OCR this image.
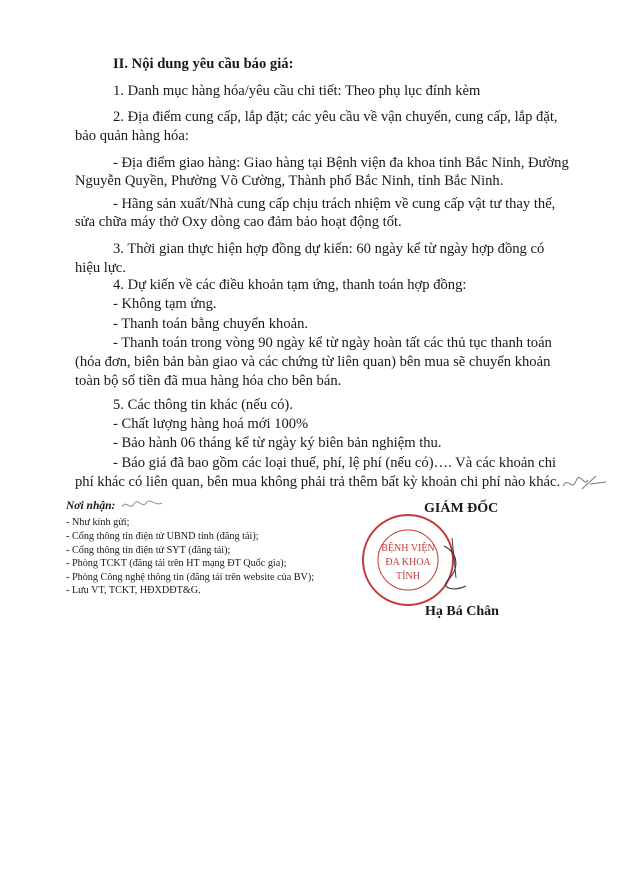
II. Nội dung yêu cầu báo giá:
1. Danh mục hàng hóa/yêu cầu chi tiết: Theo phụ lục đính kèm
2. Địa điểm cung cấp, lắp đặt; các yêu cầu về vận chuyển, cung cấp, lắp đặt,
bảo quản hàng hóa:
- Địa điểm giao hàng: Giao hàng tại Bệnh viện đa khoa tỉnh Bắc Ninh, Đường
Nguyễn Quyền, Phường Võ Cường, Thành phố Bắc Ninh, tỉnh Bắc Ninh.
- Hãng sản xuất/Nhà cung cấp chịu trách nhiệm về cung cấp vật tư thay thế,
sửa chữa máy thở Oxy dòng cao đảm bảo hoạt động tốt.
3. Thời gian thực hiện hợp đồng dự kiến: 60 ngày kể từ ngày hợp đồng có
hiệu lực.
4. Dự kiến về các điều khoản tạm ứng, thanh toán hợp đồng:
- Không tạm ứng.
- Thanh toán bằng chuyển khoản.
- Thanh toán trong vòng 90 ngày kể từ ngày hoàn tất các thủ tục thanh toán
(hóa đơn, biên bản bàn giao và các chứng từ liên quan) bên mua sẽ chuyển khoản
toàn bộ số tiền đã mua hàng hóa cho bên bán.
5. Các thông tin khác (nếu có).
- Chất lượng hàng hoá mới 100%
- Bảo hành 06 tháng kể từ ngày ký biên bản nghiệm thu.
- Báo giá đã bao gồm các loại thuế, phí, lệ phí (nếu có)…. Và các khoản chi
phí khác có liên quan, bên mua không phải trả thêm bất kỳ khoản chi phí nào khác.
Nơi nhận:
- Như kính gửi;
- Cổng thông tin điện tử UBND tỉnh (đăng tải);
- Cổng thông tin điện tử SYT (đăng tải);
- Phòng TCKT (đăng tải trên HT mạng ĐT Quốc gia);
- Phòng Công nghệ thông tin (đăng tải trên website của BV);
- Lưu VT, TCKT, HĐXDĐT&G.
GIÁM ĐỐC
BỆNH VIỆN
ĐA KHOA
TỈNH
Hạ Bá Chân
